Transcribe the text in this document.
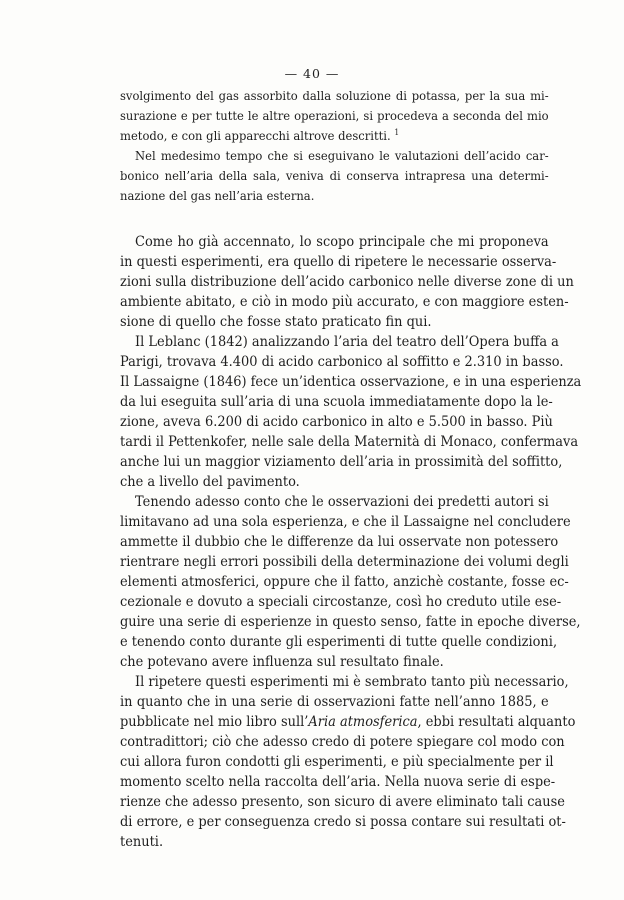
— 40 —
svolgimento del gas assorbito dalla soluzione di potassa, per la sua mi-
surazione e per tutte le altre operazioni, si procedeva a seconda del mio
metodo, e con gli apparecchi altrove descritti. $^1$
Nel medesimo tempo che si eseguivano le valutazioni dell’acido car-
bonico nell’aria della sala, veniva di conserva intrapresa una determi-
nazione del gas nell’aria esterna.
Come ho già accennato, lo scopo principale che mi proponeva
in questi esperimenti, era quello di ripetere le necessarie osserva-
zioni sulla distribuzione dell’acido carbonico nelle diverse zone di un
ambiente abitato, e ciò in modo più accurato, e con maggiore esten-
sione di quello che fosse stato praticato fin qui.
Il Leblanc (1842) analizzando l’aria del teatro dell’Opera buffa a
Parigi, trovava 4.400 di acido carbonico al soffitto e 2.310 in basso.
Il Lassaigne (1846) fece un’identica osservazione, e in una esperienza
da lui eseguita sull’aria di una scuola immediatamente dopo la le-
zione, aveva 6.200 di acido carbonico in alto e 5.500 in basso. Più
tardi il Pettenkofer, nelle sale della Maternità di Monaco, confermava
anche lui un maggior viziamento dell’aria in prossimità del soffitto,
che a livello del pavimento.
Tenendo adesso conto che le osservazioni dei predetti autori si
limitavano ad una sola esperienza, e che il Lassaigne nel concludere
ammette il dubbio che le differenze da lui osservate non potessero
rientrare negli errori possibili della determinazione dei volumi degli
elementi atmosferici, oppure che il fatto, anzichè costante, fosse ec-
cezionale e dovuto a speciali circostanze, così ho creduto utile ese-
guire una serie di esperienze in questo senso, fatte in epoche diverse,
e tenendo conto durante gli esperimenti di tutte quelle condizioni,
che potevano avere influenza sul resultato finale.
Il ripetere questi esperimenti mi è sembrato tanto più necessario,
in quanto che in una serie di osservazioni fatte nell’anno 1885, e
pubblicate nel mio libro sull’Aria atmosferica, ebbi resultati alquanto
contradittori; ciò che adesso credo di potere spiegare col modo con
cui allora furon condotti gli esperimenti, e più specialmente per il
momento scelto nella raccolta dell’aria. Nella nuova serie di espe-
rienze che adesso presento, son sicuro di avere eliminato tali cause
di errore, e per conseguenza credo si possa contare sui resultati ot-
tenuti.
